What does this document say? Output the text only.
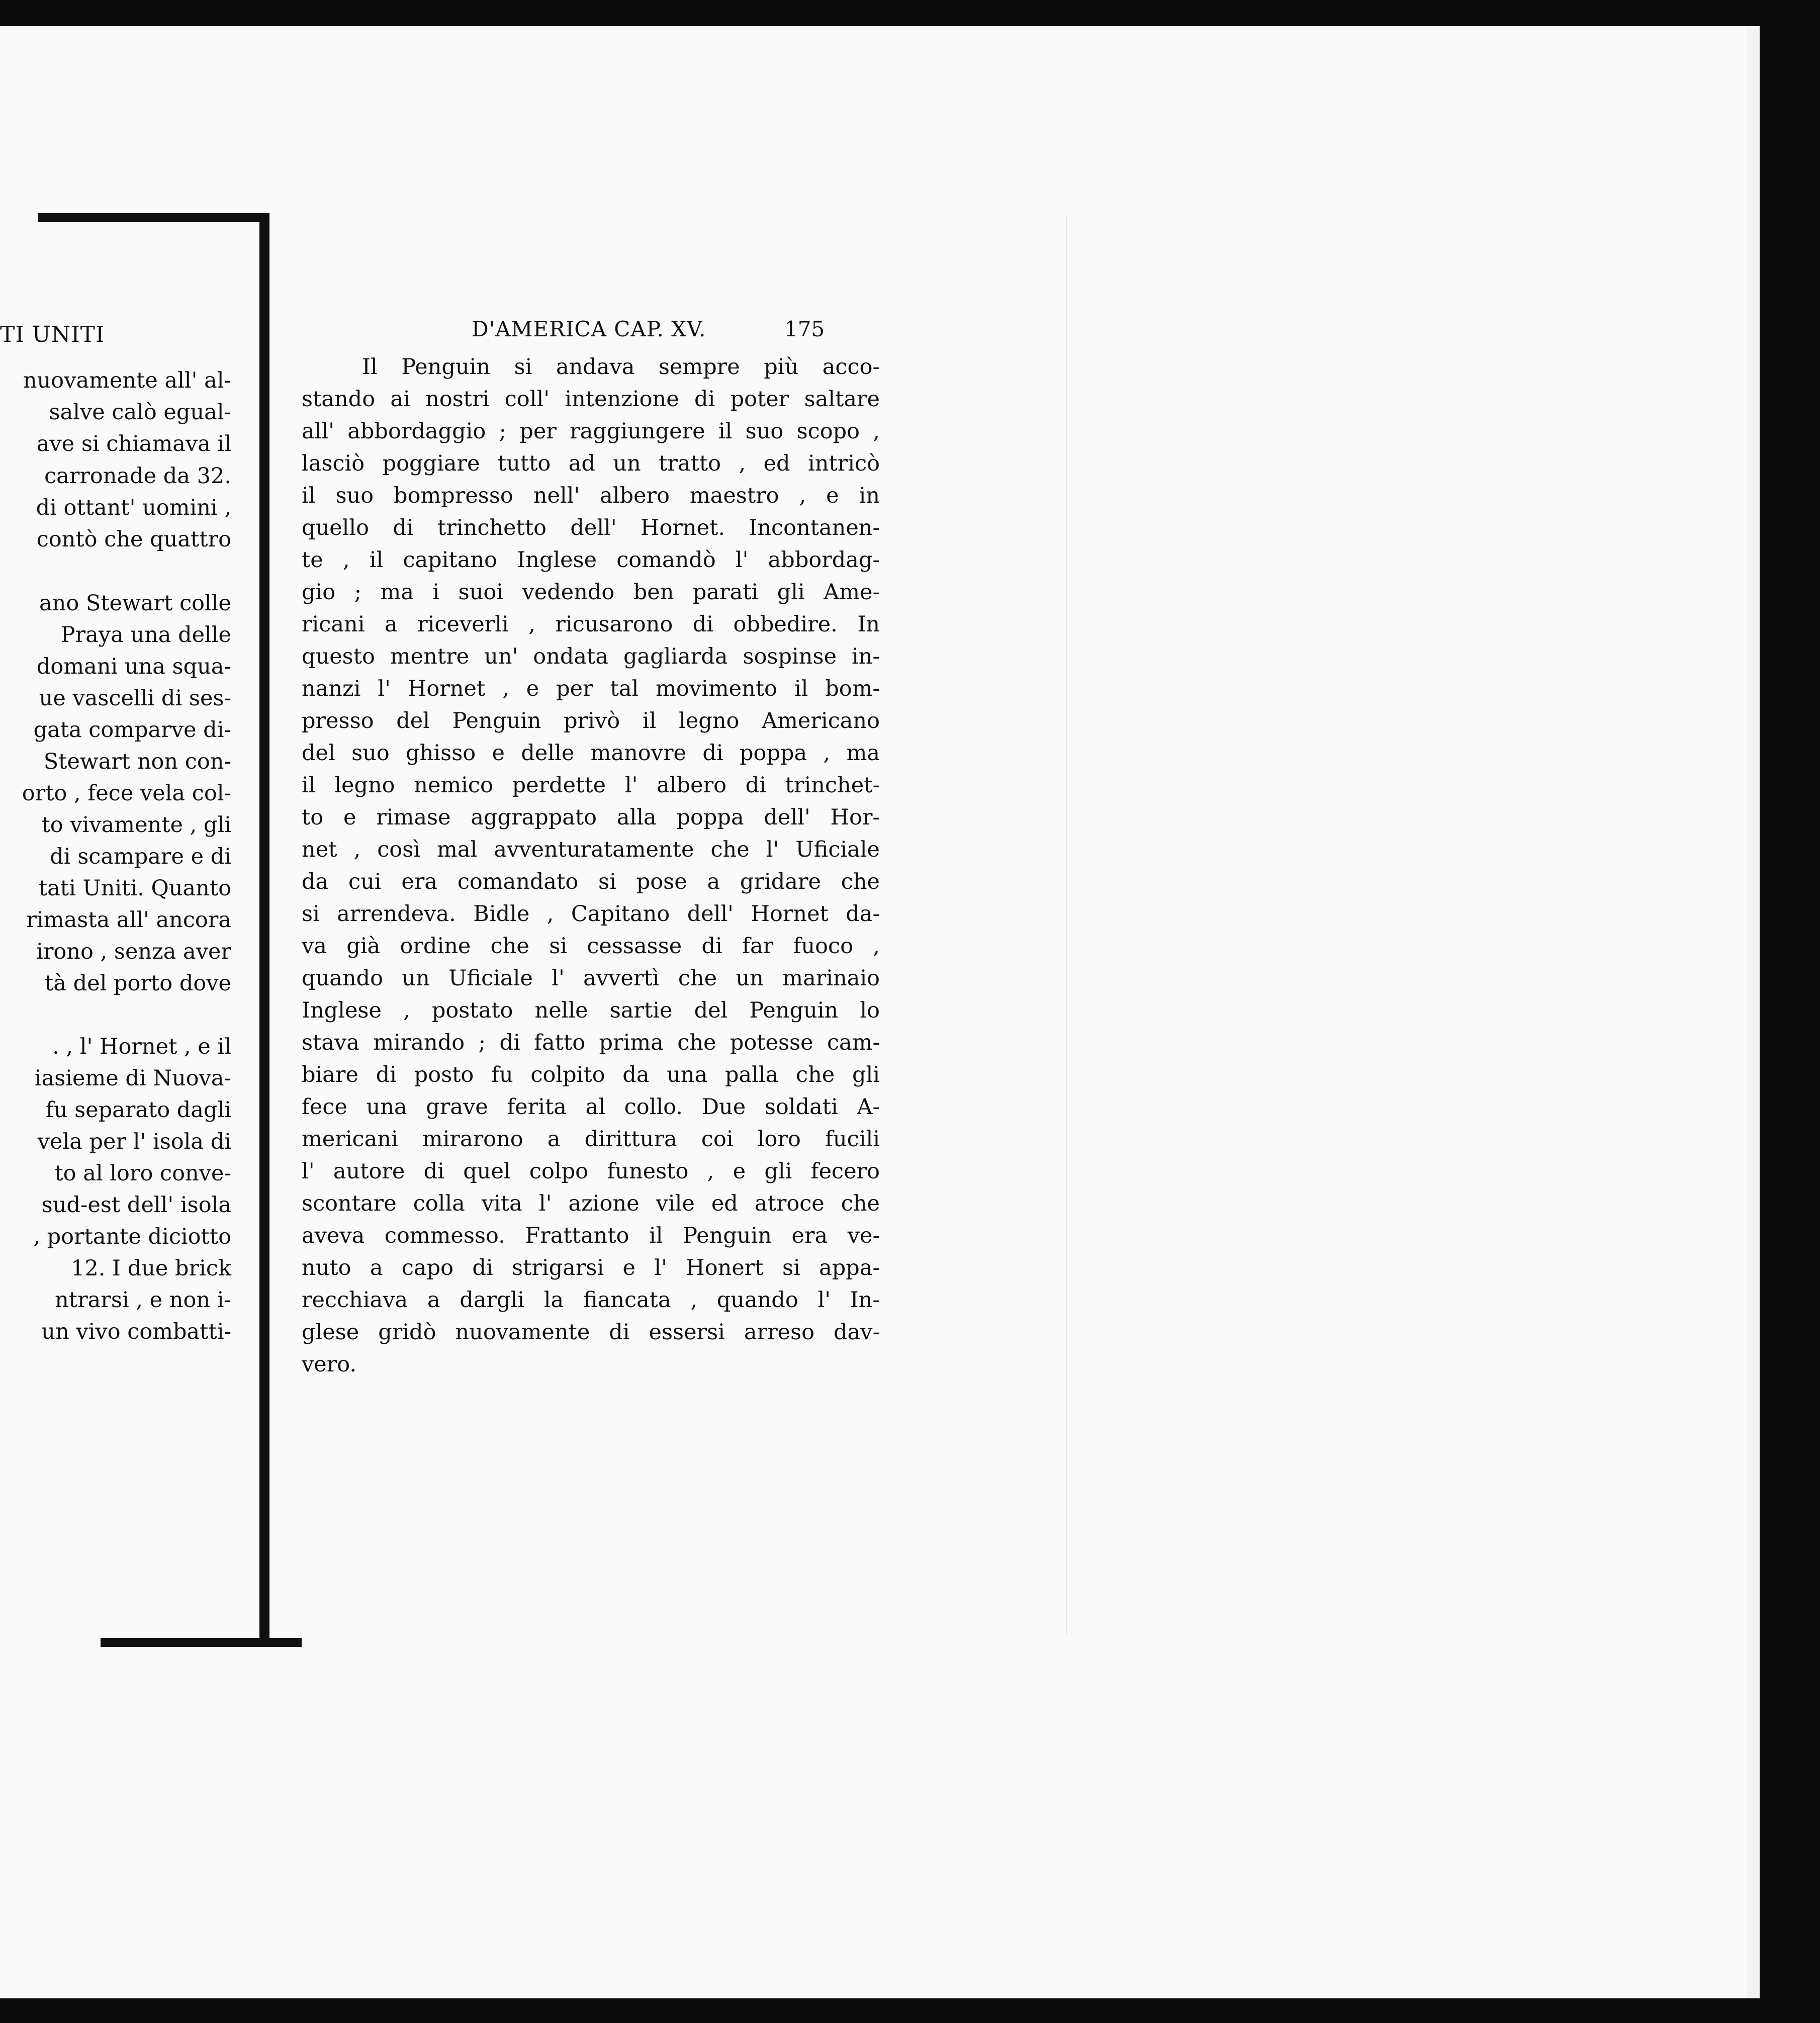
TI UNITI
nuovamente all' al-
salve calò egual-
ave si chiamava il
carronade da 32.
di ottant' uomini ,
contò che quattro
ano Stewart colle
Praya una delle
domani una squa-
ue vascelli di ses-
gata comparve di-
Stewart non con-
orto , fece vela col-
to vivamente , gli
di scampare e di
tati Uniti. Quanto
rimasta all' ancora
irono , senza aver
tà del porto dove
. , l' Hornet , e il
iasieme di Nuova-
fu separato dagli
vela per l' isola di
to al loro conve-
sud-est dell' isola
, portante diciotto
12. I due brick
ntrarsi , e non i-
un vivo combatti-
D'AMERICA CAP. XV.	175
Il Penguin si andava sempre più acco-
stando ai nostri coll' intenzione di poter saltare
all' abbordaggio ; per raggiungere il suo scopo ,
lasciò poggiare tutto ad un tratto , ed intricò
il suo bompresso nell' albero maestro , e in
quello di trinchetto dell' Hornet. Incontanen-
te , il capitano Inglese comandò l' abbordag-
gio ; ma i suoi vedendo ben parati gli Ame-
ricani a riceverli , ricusarono di obbedire. In
questo mentre un' ondata gagliarda sospinse in-
nanzi l' Hornet , e per tal movimento il bom-
presso del Penguin privò il legno Americano
del suo ghisso e delle manovre di poppa , ma
il legno nemico perdette l' albero di trinchet-
to e rimase aggrappato alla poppa dell' Hor-
net , così mal avventuratamente che l' Uficiale
da cui era comandato si pose a gridare che
si arrendeva. Bidle , Capitano dell' Hornet da-
va già ordine che si cessasse di far fuoco ,
quando un Uficiale l' avvertì che un marinaio
Inglese , postato nelle sartie del Penguin lo
stava mirando ; di fatto prima che potesse cam-
biare di posto fu colpito da una palla che gli
fece una grave ferita al collo. Due soldati A-
mericani mirarono a dirittura coi loro fucili
l' autore di quel colpo funesto , e gli fecero
scontare colla vita l' azione vile ed atroce che
aveva commesso. Frattanto il Penguin era ve-
nuto a capo di strigarsi e l' Honert si appa-
recchiava a dargli la fiancata , quando l' In-
glese gridò nuovamente di essersi arreso dav-
vero.
